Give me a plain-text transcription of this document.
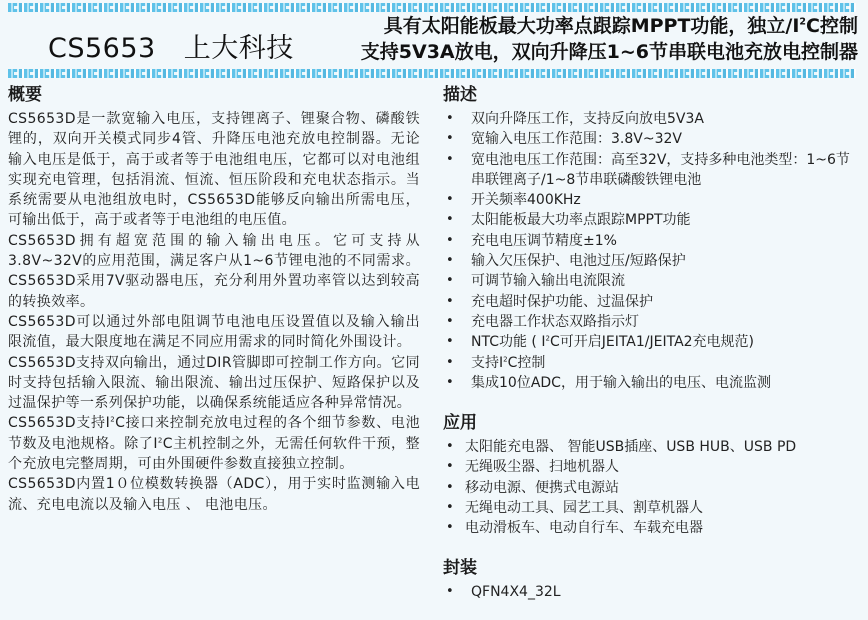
CS5653 上大科技
具有太阳能板最大功率点跟踪MPPT功能，独立$/I^2C$控制
支持5V3A放电，双向升降压1~6节串联电池充放电控制器
概要

CS5653D是一款宽输入电压，支持锂离子、锂聚合物、磷酸铁锂的，双向开关模式同步4管、升降压电池充放电控制器。无论输入电压是低于，高于或者等于电池组电压，它都可以对电池组实现充电管理，包括涓流、恒流、恒压阶段和充电状态指示。当系统需要从电池组放电时，CS5653D能够反向输出所需电压，可输出低于，高于或者等于电池组的电压值。

CS5653D拥有超宽范围的输入输出电压。它可支持从3.8V~32V的应用范围，满足客户从1~6节锂电池的不同需求。CS5653D采用7V驱动器电压，充分利用外置功率管以达到较高的转换效率。

CS5653D可以通过外部电阻调节电池电压设置值以及输入输出限流值，最大限度地在满足不同应用需求的同时简化外围设计。

CS5653D支持双向输出，通过DIR管脚即可控制工作方向。它同时支持包括输入限流、输出限流、输出过压保护、短路保护以及过温保护等一系列保护功能，以确保系统能适应各种异常情况。

CS5653D支持$I^2C$接口来控制充放电过程的各个细节参数、电池节数及电池规格。除了$I^2C$主机控制之外，无需任何软件干预，整个充放电完整周期，可由外围硬件参数直接独立控制。

CS5653D内置1０位模数转换器（ADC），用于实时监测输入电流、充电电流以及输入电压 、 电池电压。

描述
• 双向升降压工作，支持反向放电5V3A
• 宽输入电压工作范围：3.8V~32V
• 宽电池电压工作范围：高至32V，支持多种电池类型：1~6节串联锂离子/1~8节串联磷酸铁锂电池
• 开关频率400KHz
• 太阳能板最大功率点跟踪MPPT功能
• 充电电压调节精度±1%
• 输入欠压保护、电池过压/短路保护
• 可调节输入输出电流限流
• 充电超时保护功能、过温保护
• 充电器工作状态双路指示灯
• NTC功能 ( $I^2C$可开启JEITA1/JEITA2充电规范)
• 支持$I^2C$控制
• 集成10位ADC，用于输入输出的电压、电流监测
应用
• 太阳能充电器、 智能USB插座、USB HUB、USB PD
• 无绳吸尘器、扫地机器人
• 移动电源、便携式电源站
• 无绳电动工具、园艺工具、割草机器人
• 电动滑板车、电动自行车、车载充电器
封装
• QFN4X4_32L
